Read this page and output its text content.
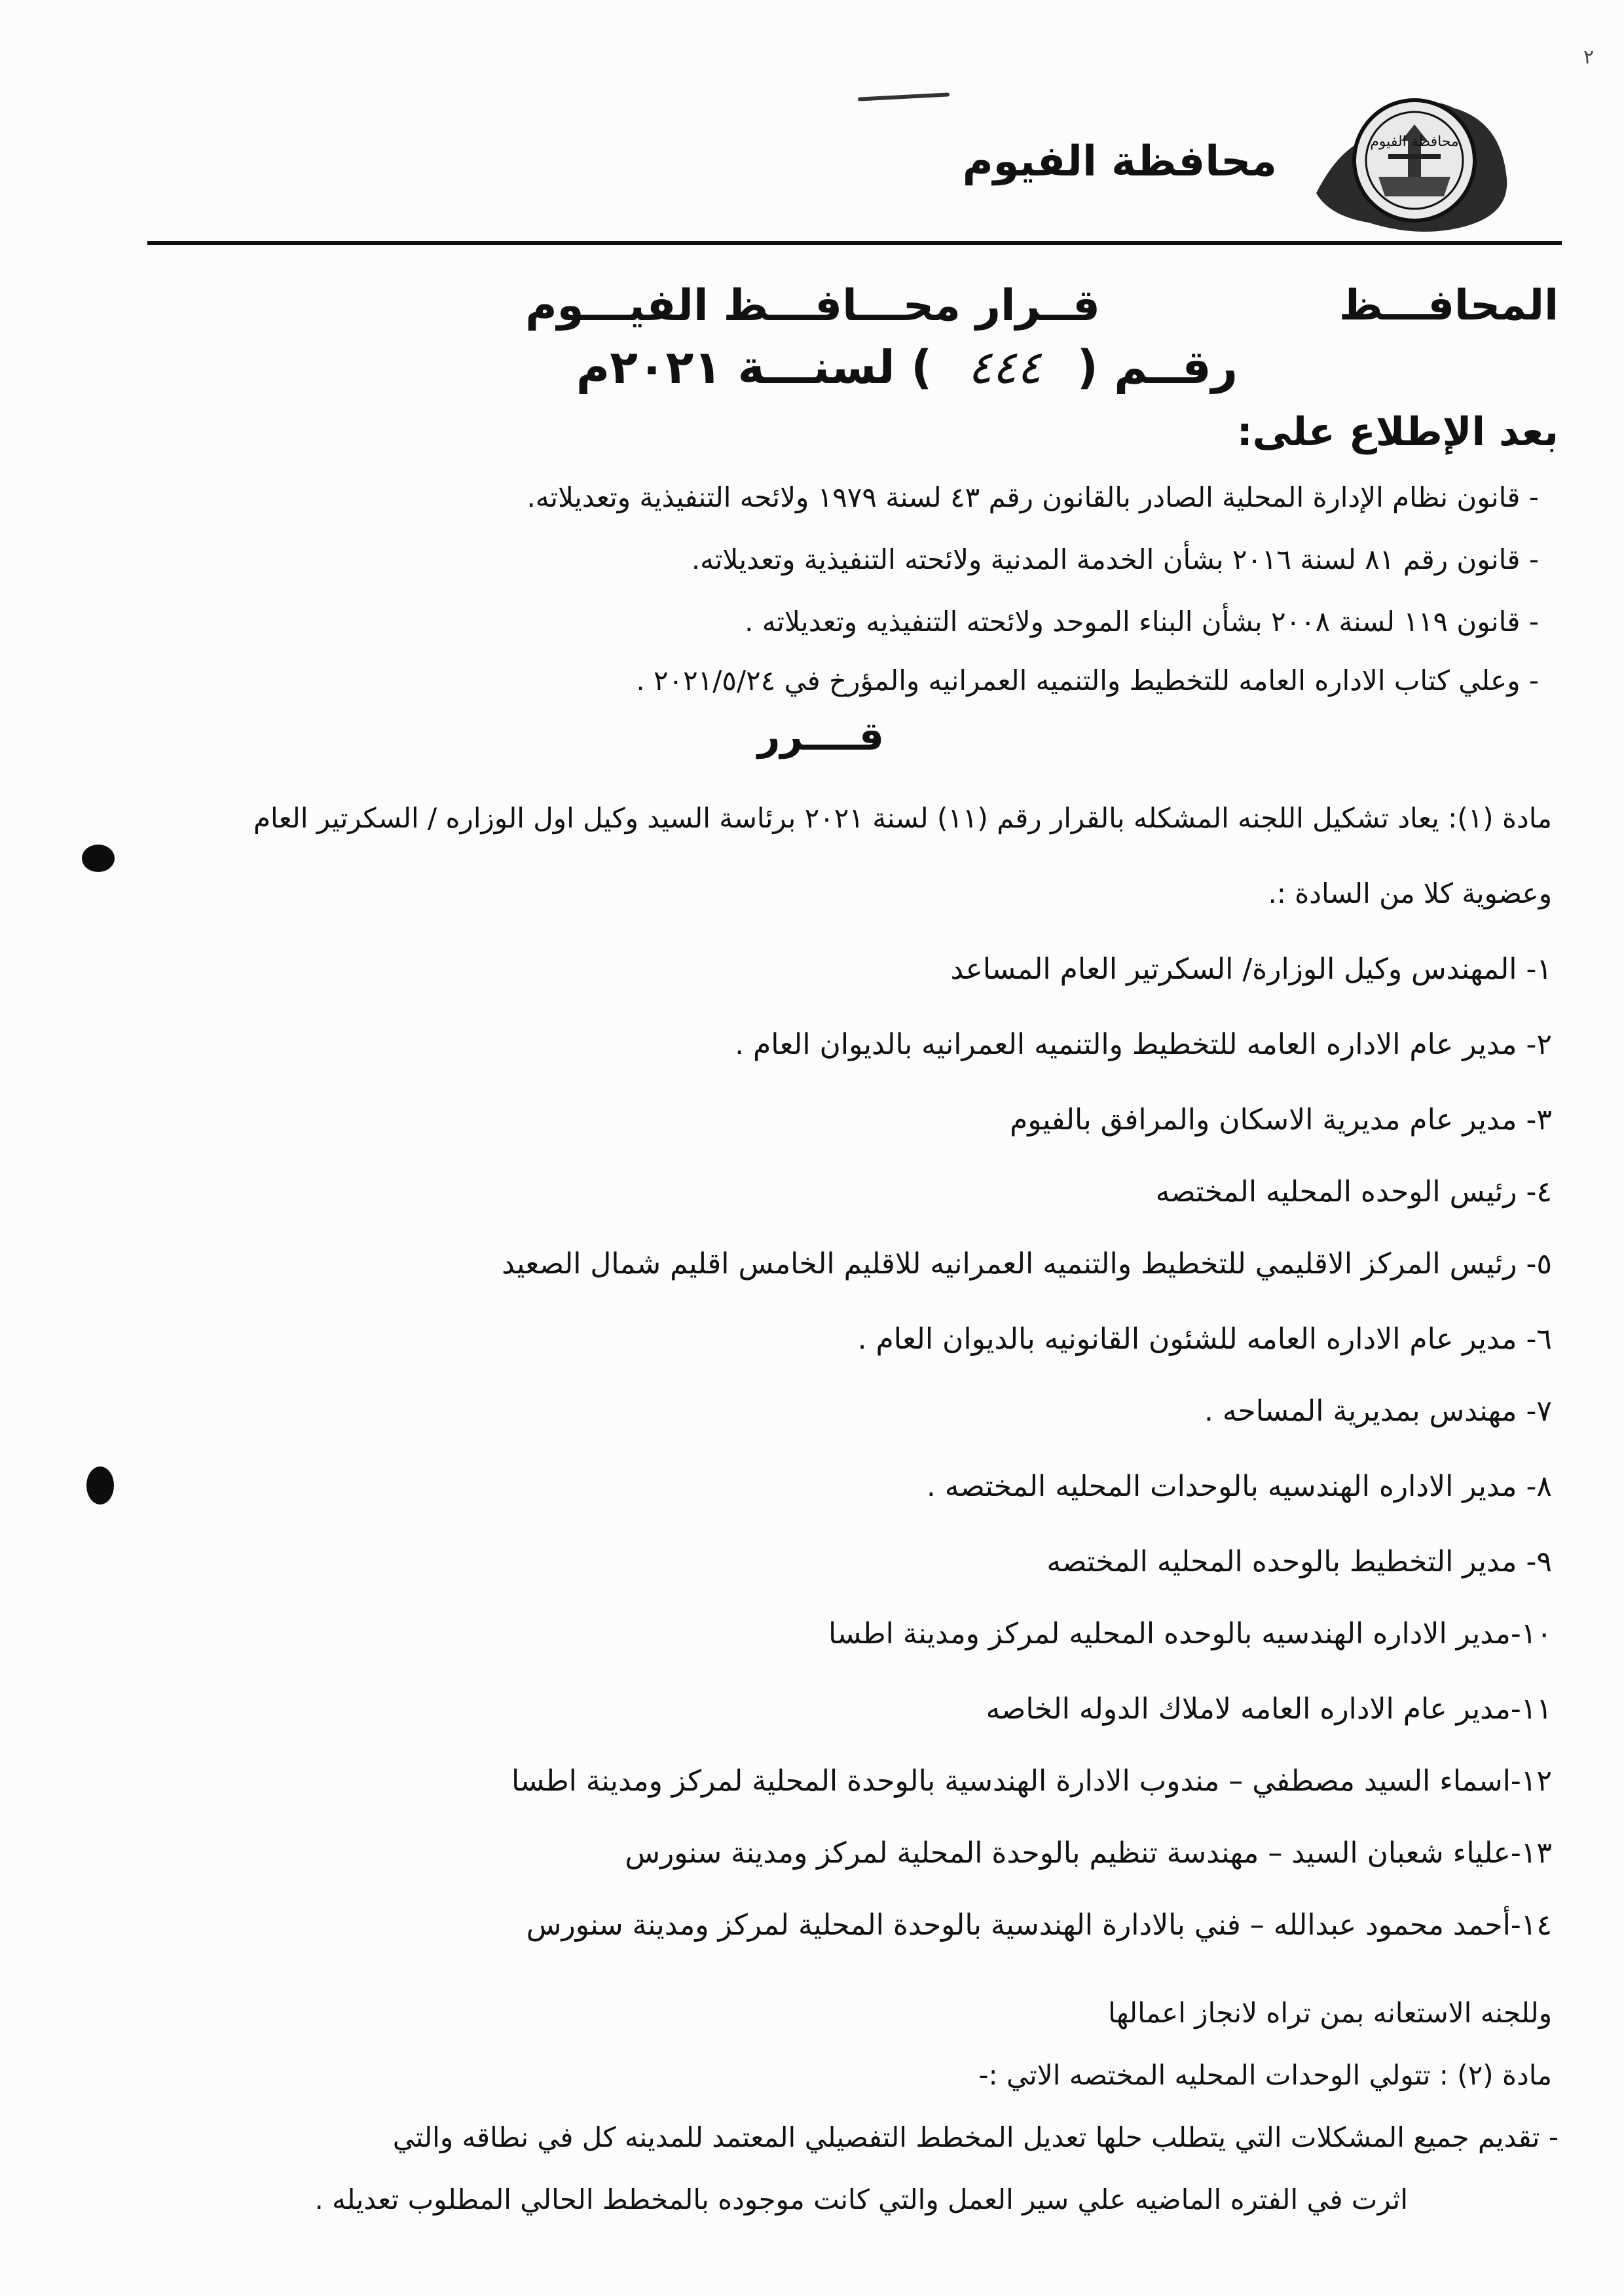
محافظة الفيوم
محافظة الفيوم
٢
المحافـــظ
قــرار محـــافـــظ الفيـــوم
رقــم ( ٤٤٤ ) لسنـــة ٢٠٢١م
بعد الإطلاع على:
- قانون نظام الإدارة المحلية الصادر بالقانون رقم ٤٣ لسنة ١٩٧٩ ولائحه التنفيذية وتعديلاته.
- قانون رقم ٨١ لسنة ٢٠١٦ بشأن الخدمة المدنية ولائحته التنفيذية وتعديلاته.
- قانون ١١٩ لسنة ٢٠٠٨ بشأن البناء الموحد ولائحته التنفيذيه وتعديلاته .
- وعلي كتاب الاداره العامه للتخطيط والتنميه العمرانيه والمؤرخ في ٢٠٢١/٥/٢٤ .
قــــرر
مادة (١): يعاد تشكيل اللجنه المشكله بالقرار رقم (١١) لسنة ٢٠٢١ برئاسة السيد وكيل اول الوزاره / السكرتير العام
وعضوية كلا من السادة :.
١- المهندس وكيل الوزارة/ السكرتير العام المساعد
٢- مدير عام الاداره العامه للتخطيط والتنميه العمرانيه بالديوان العام .
٣- مدير عام مديرية الاسكان والمرافق بالفيوم
٤- رئيس الوحده المحليه المختصه
٥- رئيس المركز الاقليمي للتخطيط والتنميه العمرانيه للاقليم الخامس اقليم شمال الصعيد
٦- مدير عام الاداره العامه للشئون القانونيه بالديوان العام .
٧- مهندس بمديرية المساحه .
٨- مدير الاداره الهندسيه بالوحدات المحليه المختصه .
٩- مدير التخطيط بالوحده المحليه المختصه
١٠-مدير الاداره الهندسيه بالوحده المحليه لمركز ومدينة اطسا
١١-مدير عام الاداره العامه لاملاك الدوله الخاصه
١٢-اسماء السيد مصطفي – مندوب الادارة الهندسية بالوحدة المحلية لمركز ومدينة اطسا
١٣-علياء شعبان السيد – مهندسة تنظيم بالوحدة المحلية لمركز ومدينة سنورس
١٤-أحمد محمود عبدالله – فني بالادارة الهندسية بالوحدة المحلية لمركز ومدينة سنورس
وللجنه الاستعانه بمن تراه لانجاز اعمالها
مادة (٢) : تتولي الوحدات المحليه المختصه الاتي :-
- تقديم جميع المشكلات التي يتطلب حلها تعديل المخطط التفصيلي المعتمد للمدينه كل في نطاقه والتي
اثرت في الفتره الماضيه علي سير العمل والتي كانت موجوده بالمخطط الحالي المطلوب تعديله .
